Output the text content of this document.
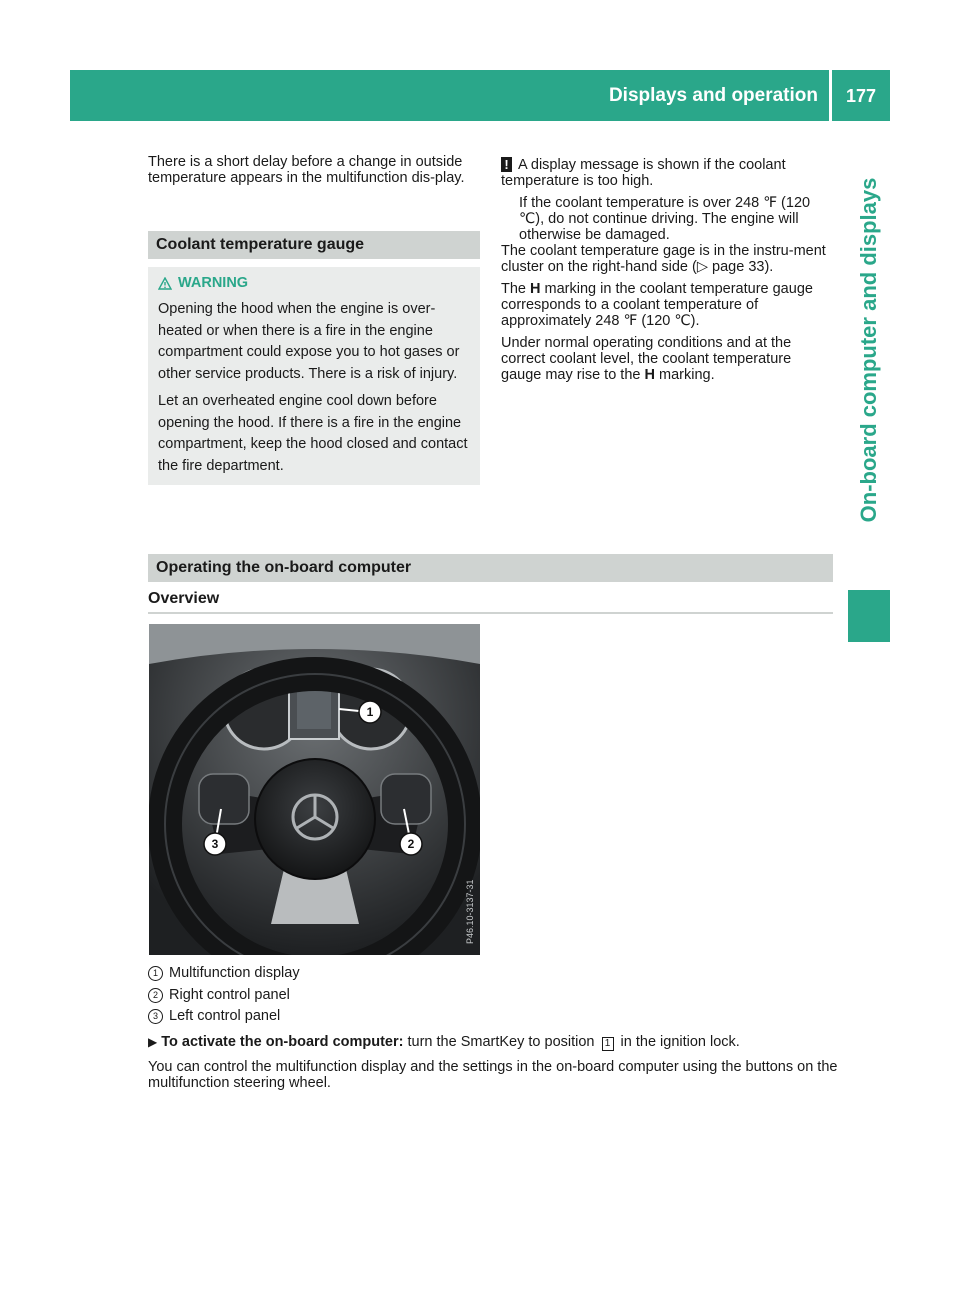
Displays and operation 177
On-board computer and displays

There is a short delay before a change in outside temperature appears in the multifunction dis-play.

Coolant temperature gauge
WARNING

Opening the hood when the engine is over-heated or when there is a fire in the engine compartment could expose you to hot gases or other service products. There is a risk of injury.

Let an overheated engine cool down before opening the hood. If there is a fire in the engine compartment, keep the hood closed and contact the fire department.

! A display message is shown if the coolant temperature is too high.

If the coolant temperature is over 248 ℉ (120 ℃), do not continue driving. The engine will otherwise be damaged.

The coolant temperature gage is in the instru-ment cluster on the right-hand side (▷ page 33).

The H marking in the coolant temperature gauge corresponds to a coolant temperature of approximately 248 ℉ (120 ℃).

Under normal operating conditions and at the correct coolant level, the coolant temperature gauge may rise to the H marking.

Operating the on-board computer
Overview
1
2
3
P46.10-3137-31
1 Multifunction display
2 Right control panel
3 Left control panel

▶ To activate the on-board computer: turn the SmartKey to position 1 in the ignition lock.

You can control the multifunction display and the settings in the on-board computer using the buttons on the multifunction steering wheel.
